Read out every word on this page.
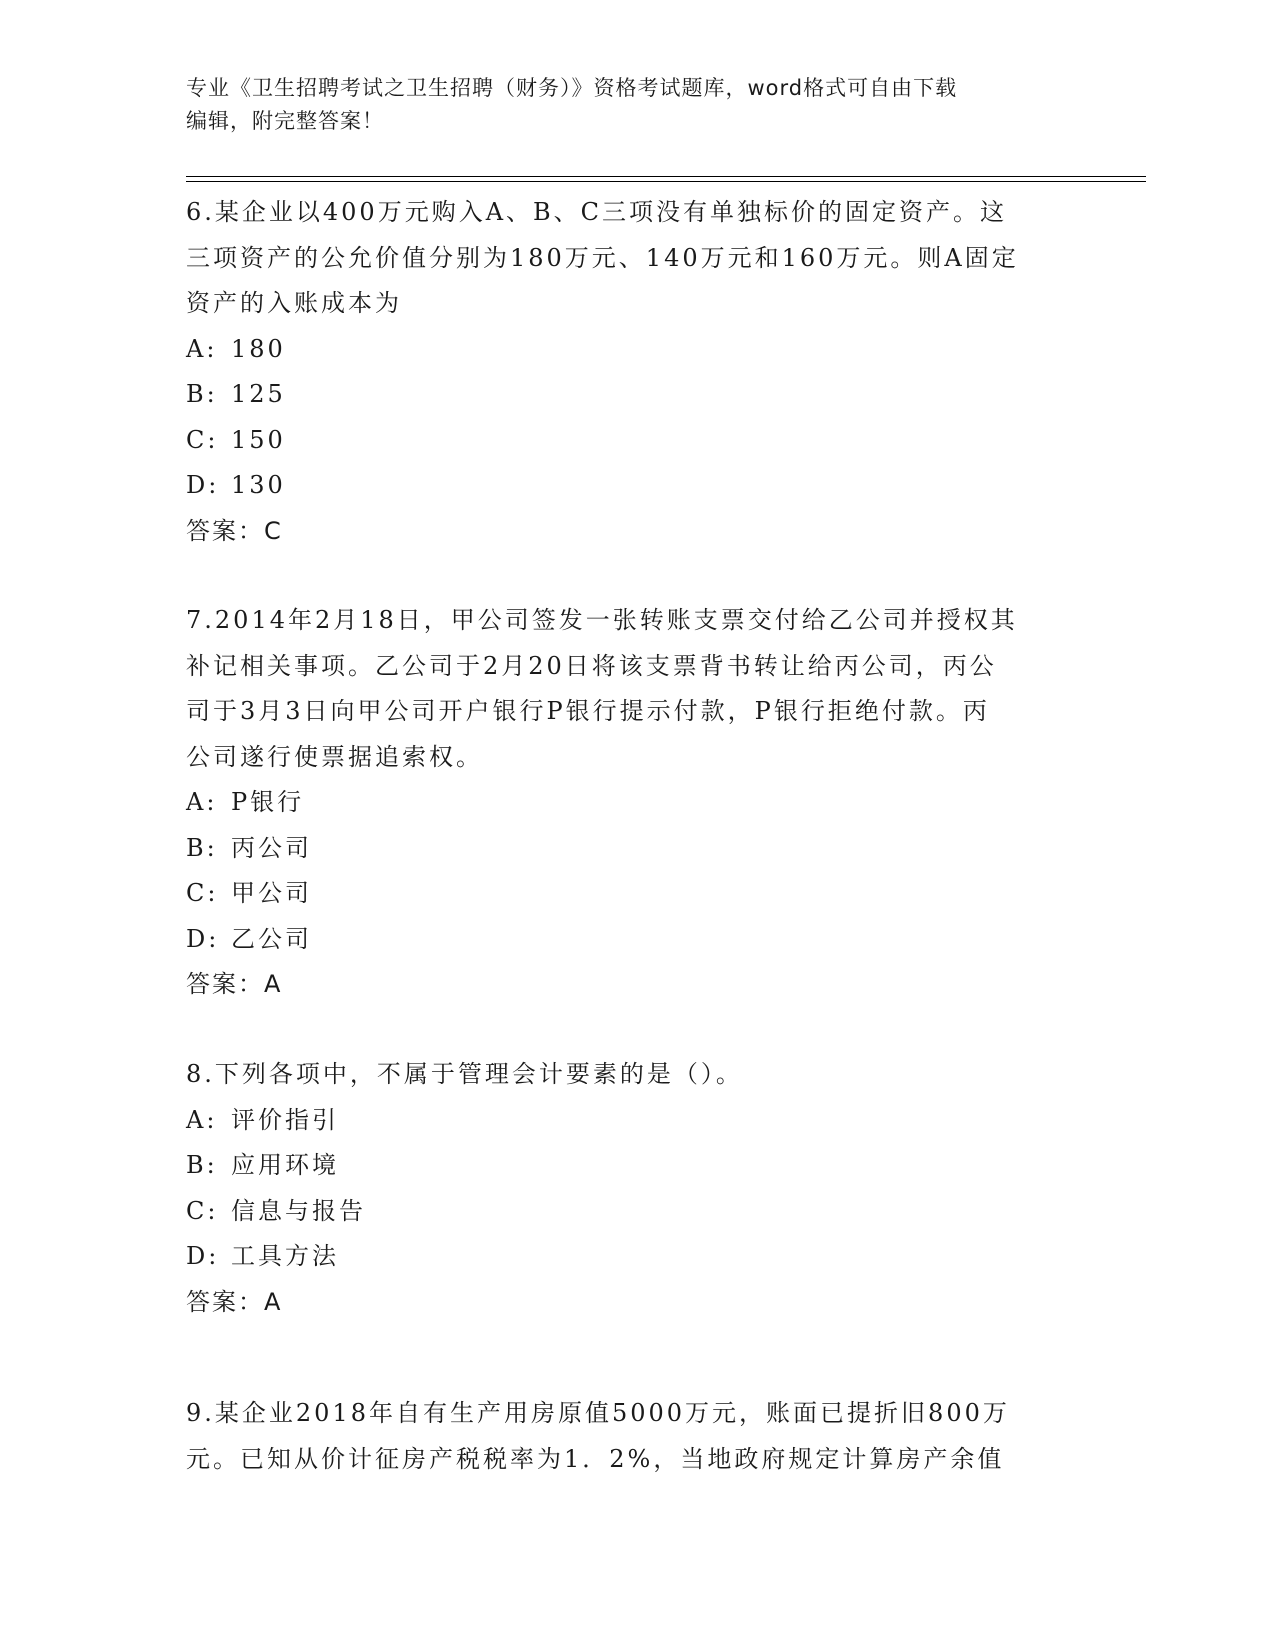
专业《卫生招聘考试之卫生招聘（财务）》资格考试题库，word格式可自由下载
编辑，附完整答案！
6.某企业以400万元购入A、B、C三项没有单独标价的固定资产。这
三项资产的公允价值分别为180万元、140万元和160万元。则A固定
资产的入账成本为
A: 180
B: 125
C: 150
D: 130
答案：C
7.2014年2月18日，甲公司签发一张转账支票交付给乙公司并授权其
补记相关事项。乙公司于2月20日将该支票背书转让给丙公司，丙公
司于3月3日向甲公司开户银行P银行提示付款，P银行拒绝付款。丙
公司遂行使票据追索权。
A: P银行
B: 丙公司
C: 甲公司
D: 乙公司
答案：A
8.下列各项中，不属于管理会计要素的是（）。
A: 评价指引
B: 应用环境
C: 信息与报告
D: 工具方法
答案：A
9.某企业2018年自有生产用房原值5000万元，账面已提折旧800万
元。已知从价计征房产税税率为1．2%，当地政府规定计算房产余值
